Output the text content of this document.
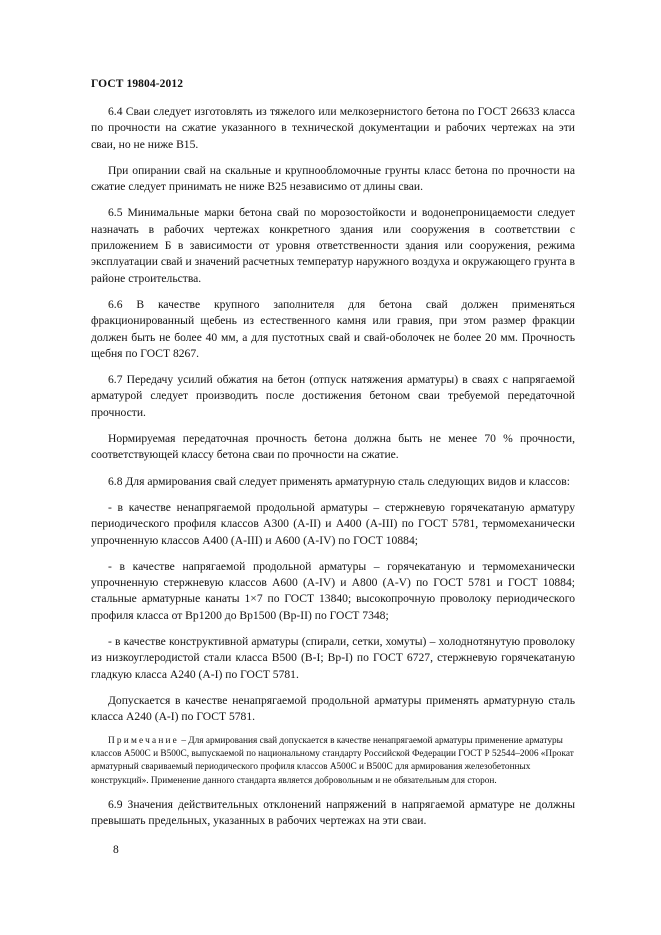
ГОСТ 19804-2012

6.4 Сваи следует изготовлять из тяжелого или мелкозернистого бетона по ГОСТ 26633 класса по прочности на сжатие указанного в технической документации и рабочих чертежах на эти сваи, но не ниже В15.

При опирании свай на скальные и крупнообломочные грунты класс бетона по прочности на сжатие следует принимать не ниже В25 независимо от длины сваи.

6.5 Минимальные марки бетона свай по морозостойкости и водонепроницаемости следует назначать в рабочих чертежах конкретного здания или сооружения в соответствии с приложением Б в зависимости от уровня ответственности здания или сооружения, режима эксплуатации свай и значений расчетных температур наружного воздуха и окружающего грунта в районе строительства.

6.6 В качестве крупного заполнителя для бетона свай должен применяться фракционированный щебень из естественного камня или гравия, при этом размер фракции должен быть не более 40 мм, а для пустотных свай и свай-оболочек не более 20 мм. Прочность щебня по ГОСТ 8267.

6.7 Передачу усилий обжатия на бетон (отпуск натяжения арматуры) в сваях с напрягаемой арматурой следует производить после достижения бетоном сваи требуемой передаточной прочности.

Нормируемая передаточная прочность бетона должна быть не менее 70 % прочности, соответствующей классу бетона сваи по прочности на сжатие.

6.8 Для армирования свай следует применять арматурную сталь следующих видов и классов:

- в качестве ненапрягаемой продольной арматуры – стержневую горячекатаную арматуру периодического профиля классов А300 (А-II) и А400 (А-III) по ГОСТ 5781, термомеханически упрочненную классов А400 (А-III) и А600 (А-IV) по ГОСТ 10884;

- в качестве напрягаемой продольной арматуры – горячекатаную и термомеханически упрочненную стержневую классов А600 (А-IV) и А800 (А-V) по ГОСТ 5781 и ГОСТ 10884; стальные арматурные канаты 1×7 по ГОСТ 13840; высокопрочную проволоку периодического профиля класса от Вр1200 до Вр1500 (Вр-II) по ГОСТ 7348;

- в качестве конструктивной арматуры (спирали, сетки, хомуты) – холоднотянутую проволоку из низкоуглеродистой стали класса В500 (В-I; Вр-I) по ГОСТ 6727, стержневую горячекатаную гладкую класса А240 (А-I) по ГОСТ 5781.

Допускается в качестве ненапрягаемой продольной арматуры применять арматурную сталь класса А240 (А-I) по ГОСТ 5781.

Примечание – Для армирования свай допускается в качестве ненапрягаемой арматуры применение арматуры классов А500С и В500С, выпускаемой по национальному стандарту Российской Федерации ГОСТ Р 52544–2006 «Прокат арматурный свариваемый периодического профиля классов А500С и В500С для армирования железобетонных конструкций». Применение данного стандарта является добровольным и не обязательным для сторон.

6.9 Значения действительных отклонений напряжений в напрягаемой арматуре не должны превышать предельных, указанных в рабочих чертежах на эти сваи.

8
